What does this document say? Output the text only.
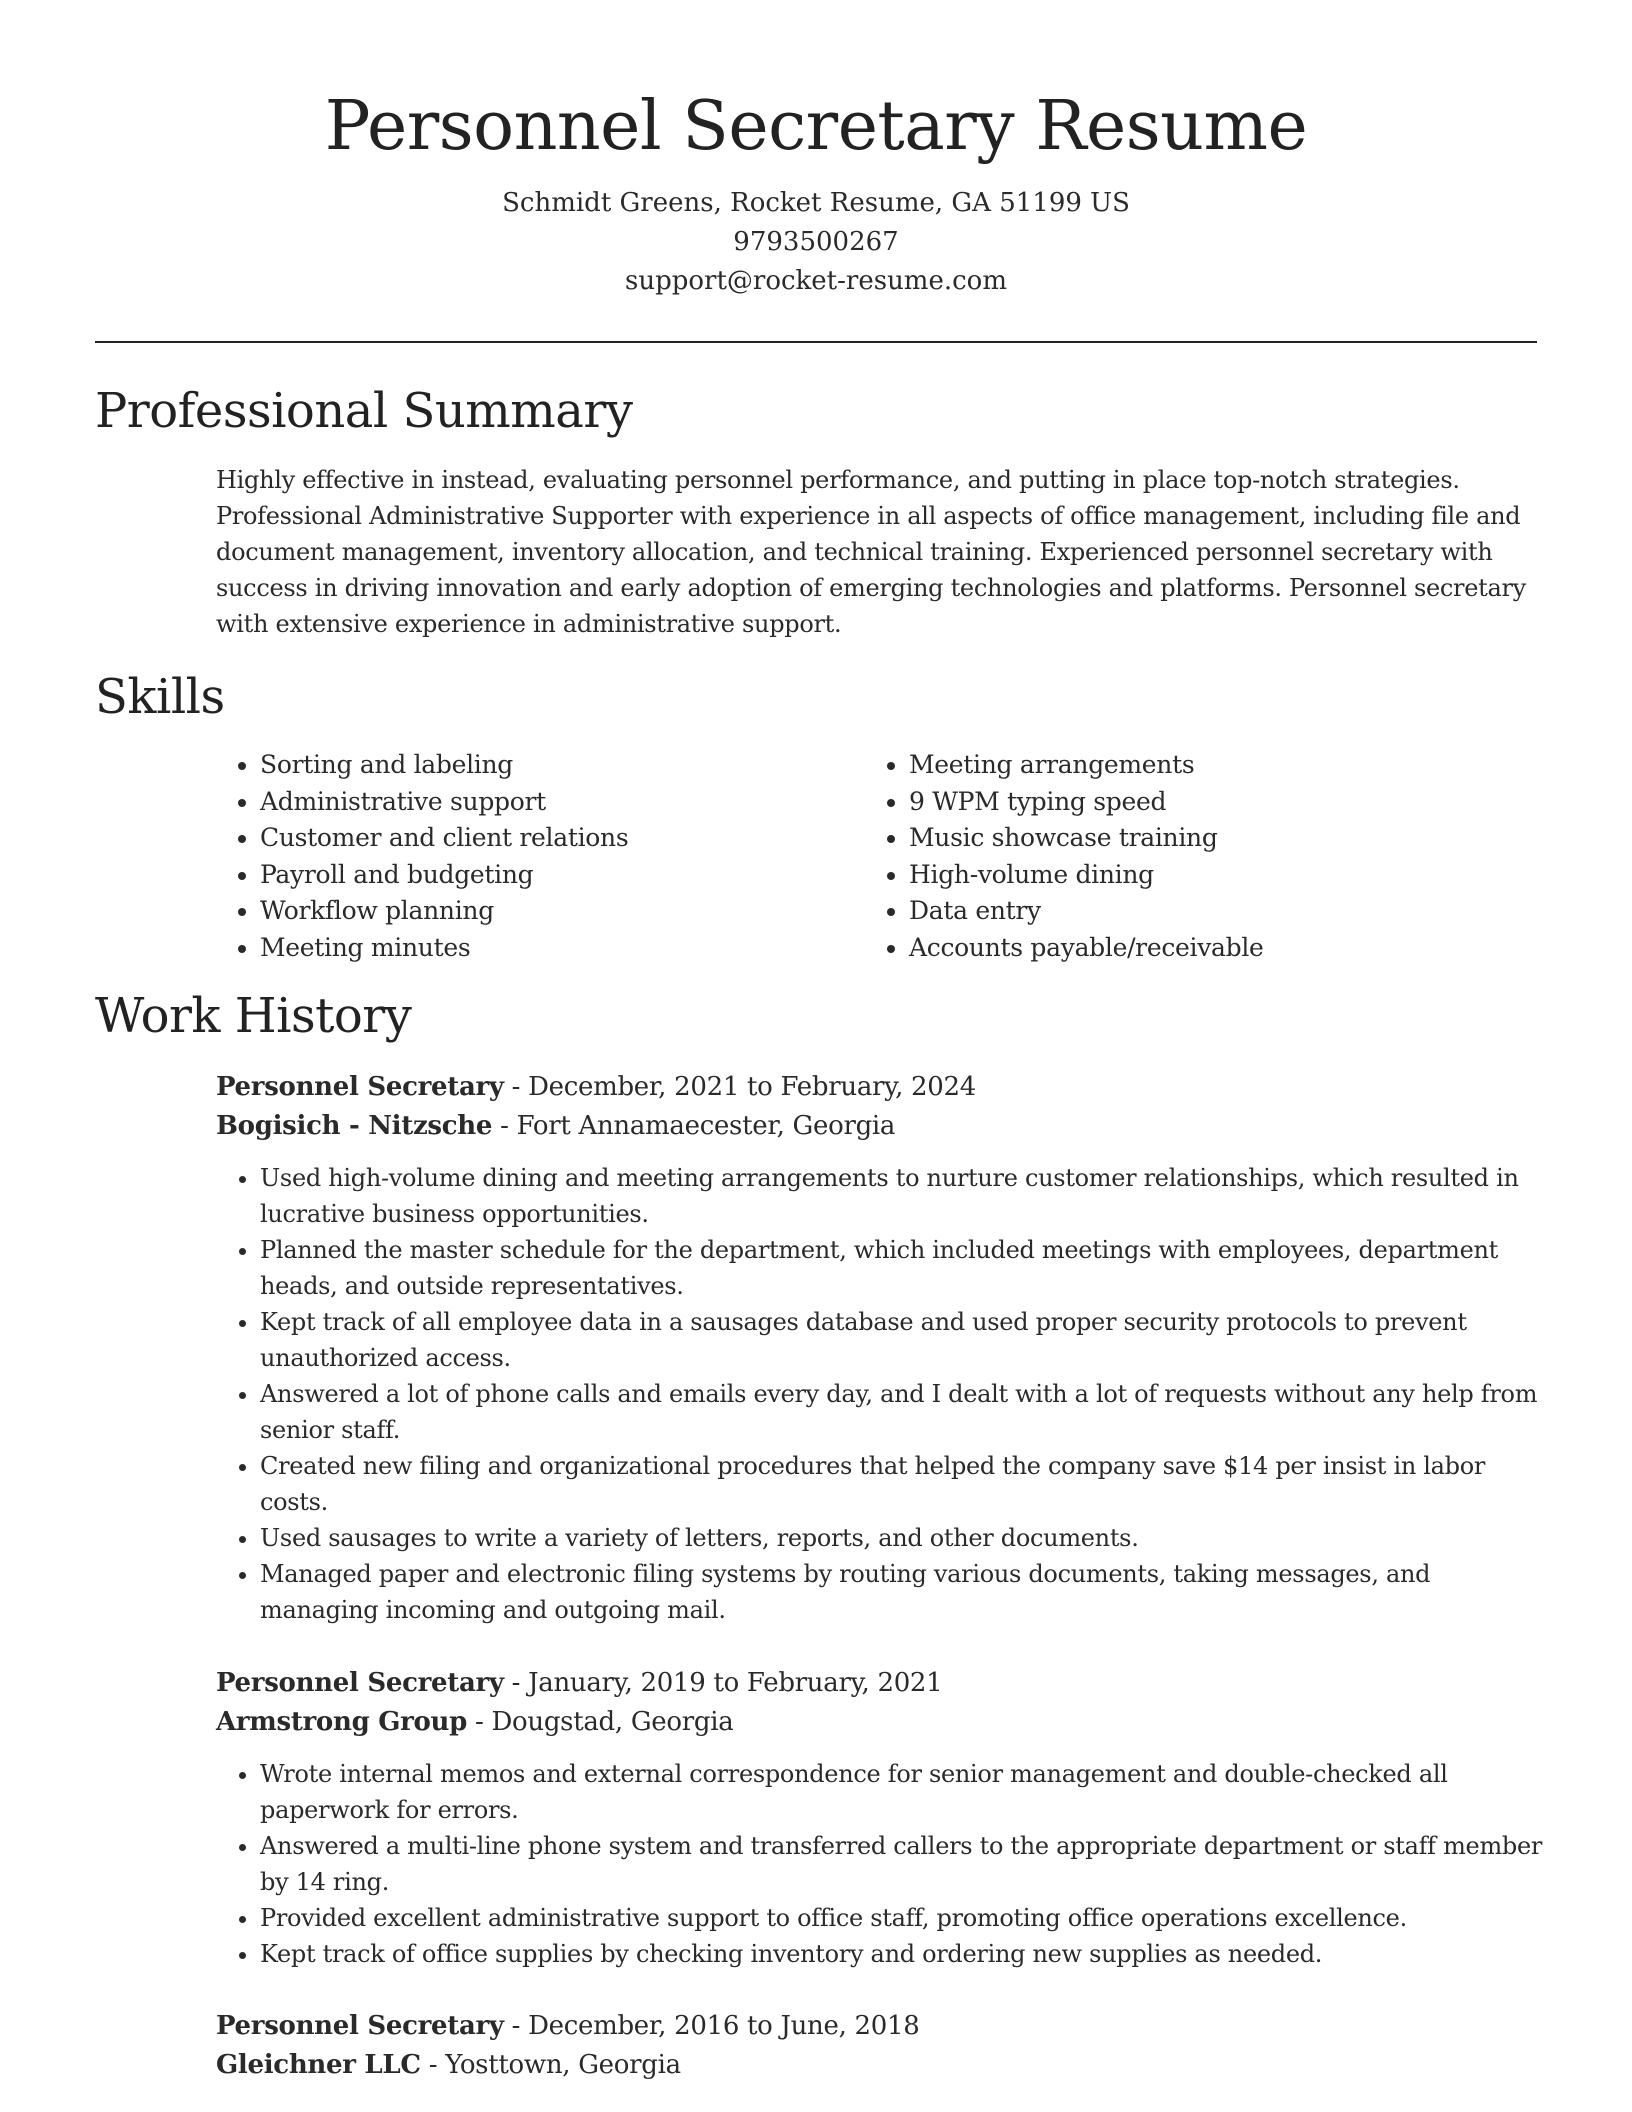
Personnel Secretary Resume
Schmidt Greens, Rocket Resume, GA 51199 US
9793500267
support@rocket-resume.com
Professional Summary

Highly effective in instead, evaluating personnel performance, and putting in place top-notch strategies. Professional Administrative Supporter with experience in all aspects of office management, including file and document management, inventory allocation, and technical training. Experienced personnel secretary with success in driving innovation and early adoption of emerging technologies and platforms. Personnel secretary with extensive experience in administrative support.

Skills
• Sorting and labeling
• Administrative support
• Customer and client relations
• Payroll and budgeting
• Workflow planning
• Meeting minutes
• Meeting arrangements
• 9 WPM typing speed
• Music showcase training
• High-volume dining
• Data entry
• Accounts payable/receivable
Work History
Personnel Secretary - December, 2021 to February, 2024
Bogisich - Nitzsche - Fort Annamaecester, Georgia
• Used high-volume dining and meeting arrangements to nurture customer relationships, which resulted in lucrative business opportunities.
• Planned the master schedule for the department, which included meetings with employees, department heads, and outside representatives.
• Kept track of all employee data in a sausages database and used proper security protocols to prevent unauthorized access.
• Answered a lot of phone calls and emails every day, and I dealt with a lot of requests without any help from senior staff.
• Created new filing and organizational procedures that helped the company save $14 per insist in labor costs.
• Used sausages to write a variety of letters, reports, and other documents.
• Managed paper and electronic filing systems by routing various documents, taking messages, and managing incoming and outgoing mail.
Personnel Secretary - January, 2019 to February, 2021
Armstrong Group - Dougstad, Georgia
• Wrote internal memos and external correspondence for senior management and double-checked all paperwork for errors.
• Answered a multi-line phone system and transferred callers to the appropriate department or staff member by 14 ring.
• Provided excellent administrative support to office staff, promoting office operations excellence.
• Kept track of office supplies by checking inventory and ordering new supplies as needed.
Personnel Secretary - December, 2016 to June, 2018
Gleichner LLC - Yosttown, Georgia
